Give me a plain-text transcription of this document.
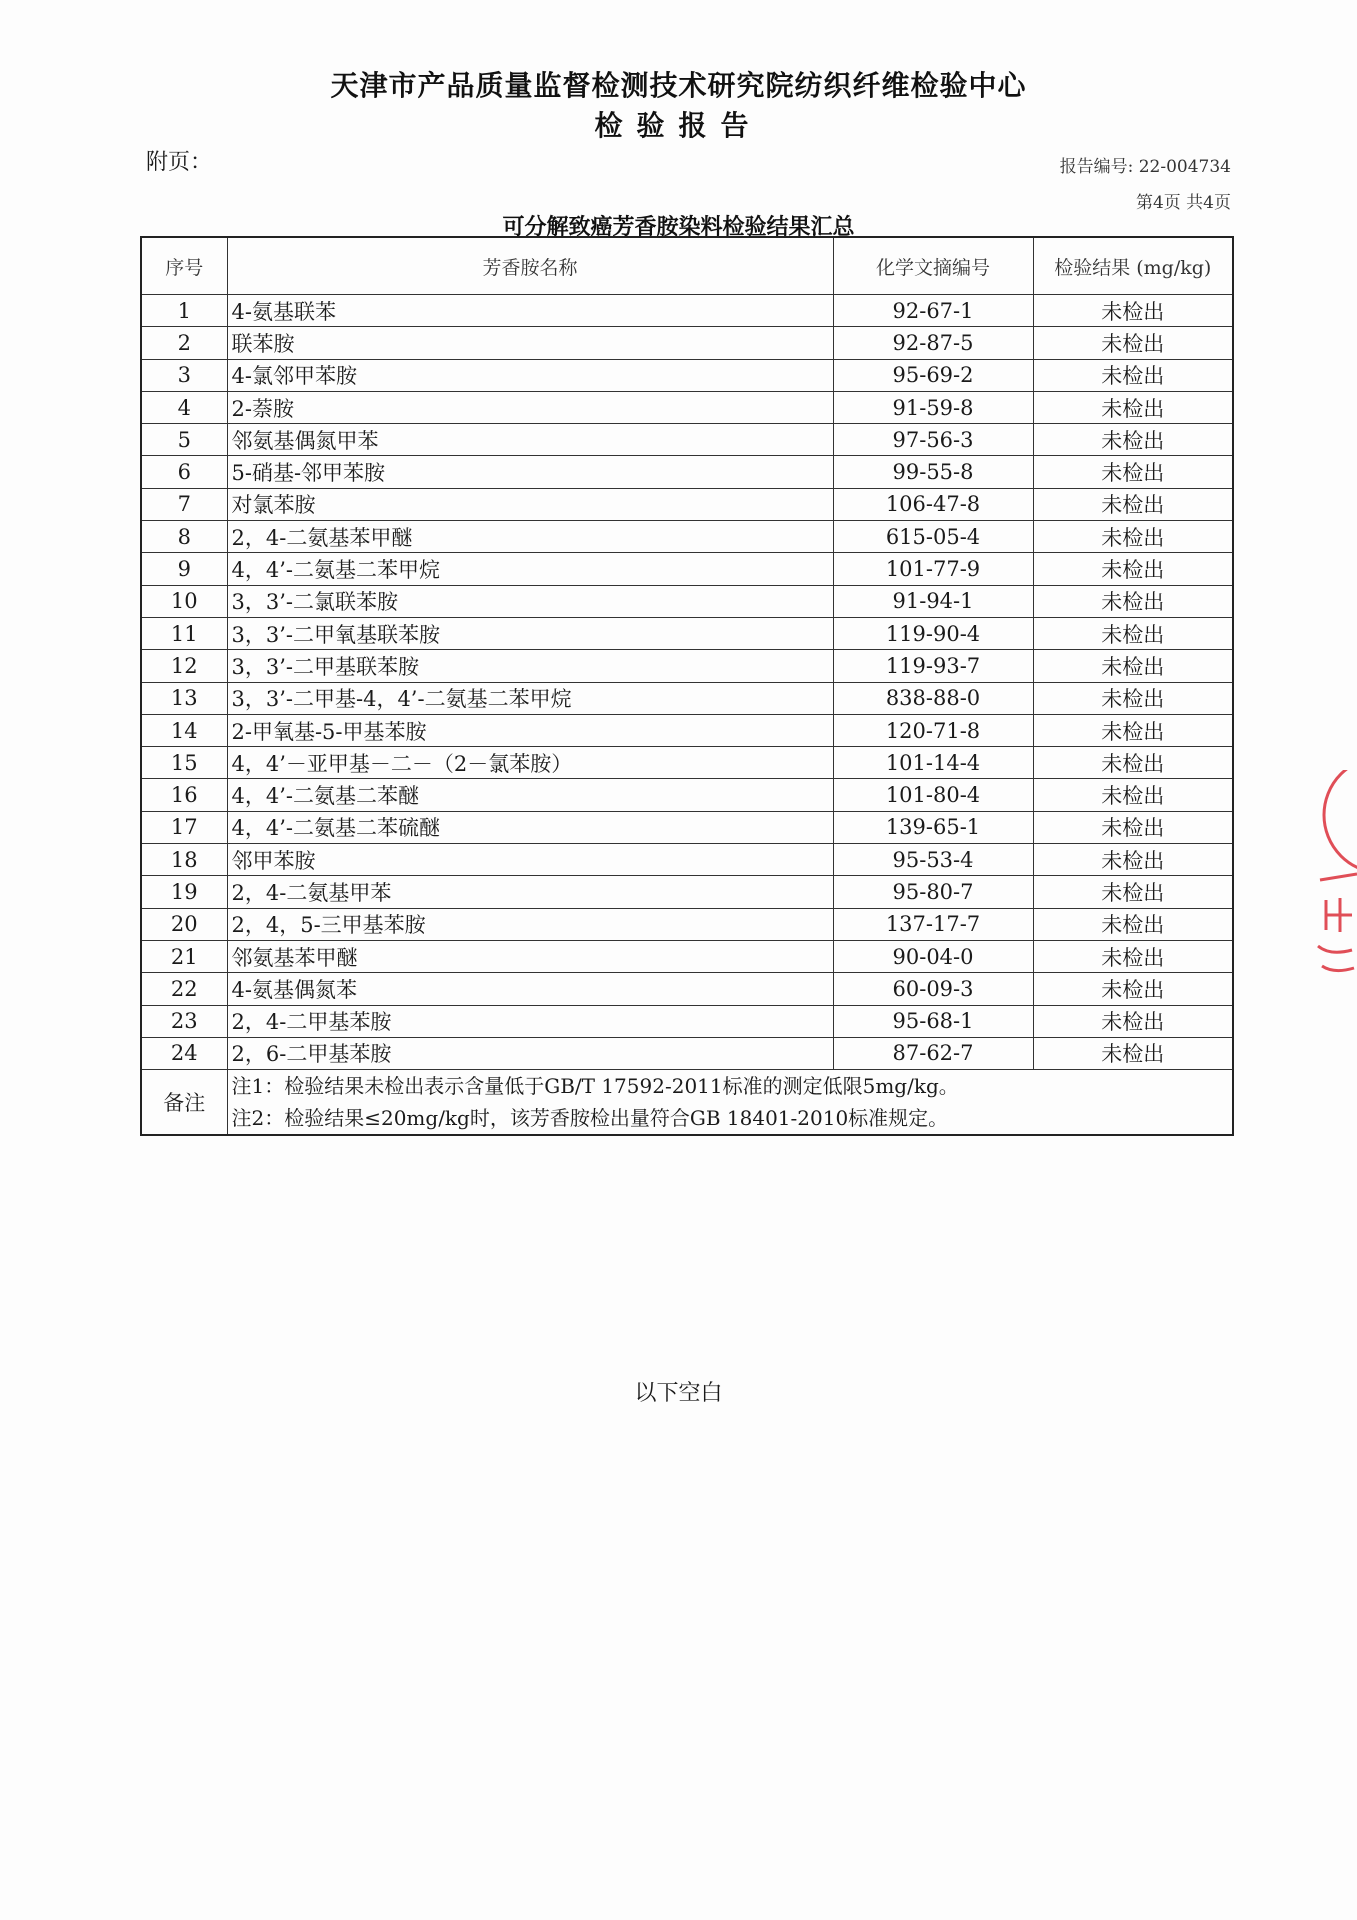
天津市产品质量监督检测技术研究院纺织纤维检验中心
检验报告
附页：	报告编号: 22-004734
第4页 共4页
可分解致癌芳香胺染料检验结果汇总
序号	芳香胺名称	化学文摘编号	检验结果 (mg/kg)
1	4-氨基联苯	92-67-1	未检出
2	联苯胺	92-87-5	未检出
3	4-氯邻甲苯胺	95-69-2	未检出
4	2-萘胺	91-59-8	未检出
5	邻氨基偶氮甲苯	97-56-3	未检出
6	5-硝基-邻甲苯胺	99-55-8	未检出
7	对氯苯胺	106-47-8	未检出
8	2，4-二氨基苯甲醚	615-05-4	未检出
9	4，4’-二氨基二苯甲烷	101-77-9	未检出
10	3，3’-二氯联苯胺	91-94-1	未检出
11	3，3’-二甲氧基联苯胺	119-90-4	未检出
12	3，3’-二甲基联苯胺	119-93-7	未检出
13	3，3’-二甲基-4，4’-二氨基二苯甲烷	838-88-0	未检出
14	2-甲氧基-5-甲基苯胺	120-71-8	未检出
15	4，4’－亚甲基－二－（2－氯苯胺）	101-14-4	未检出
16	4，4’-二氨基二苯醚	101-80-4	未检出
17	4，4’-二氨基二苯硫醚	139-65-1	未检出
18	邻甲苯胺	95-53-4	未检出
19	2，4-二氨基甲苯	95-80-7	未检出
20	2，4，5-三甲基苯胺	137-17-7	未检出
21	邻氨基苯甲醚	90-04-0	未检出
22	4-氨基偶氮苯	60-09-3	未检出
23	2，4-二甲基苯胺	95-68-1	未检出
24	2，6-二甲基苯胺	87-62-7	未检出
备注	注1：检验结果未检出表示含量低于GB/T 17592-2011标准的测定低限5mg/kg。
注2：检验结果≤20mg/kg时，该芳香胺检出量符合GB 18401-2010标准规定。		
以下空白
